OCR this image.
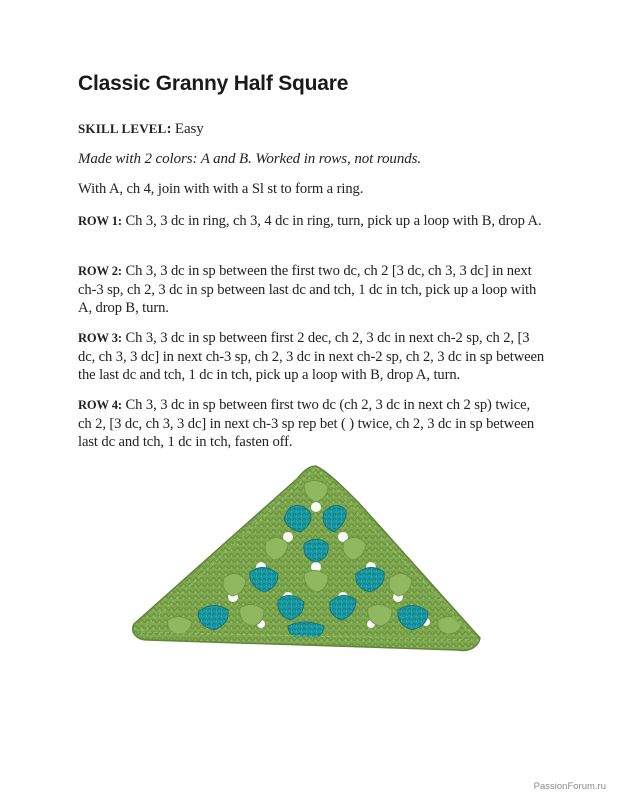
Classic Granny Half Square

SKILL LEVEL: Easy

Made with 2 colors: A and B. Worked in rows, not rounds.

With A, ch 4, join with with a Sl st to form a ring.

ROW 1: Ch 3, 3 dc in ring, ch 3, 4 dc in ring, turn, pick up a loop with B, drop A.

ROW 2: Ch 3, 3 dc in sp between the first two dc, ch 2 [3 dc, ch 3, 3 dc] in next ch-3 sp, ch 2, 3 dc in sp between last dc and tch, 1 dc in tch, pick up a loop with A, drop B, turn.

ROW 3: Ch 3, 3 dc in sp between first 2 dec, ch 2, 3 dc in next ch-2 sp, ch 2, [3 dc, ch 3, 3 dc] in next ch-3 sp, ch 2, 3 dc in next ch-2 sp, ch 2, 3 dc in sp between the last dc and tch, 1 dc in tch, pick up a loop with B, drop A, turn.

ROW 4: Ch 3, 3 dc in sp between first two dc (ch 2, 3 dc in next ch 2 sp) twice, ch 2, [3 dc, ch 3, 3 dc] in next ch-3 sp rep bet ( ) twice, ch 2, 3 dc in sp between last dc and tch, 1 dc in tch, fasten off.

PassionForum.ru
